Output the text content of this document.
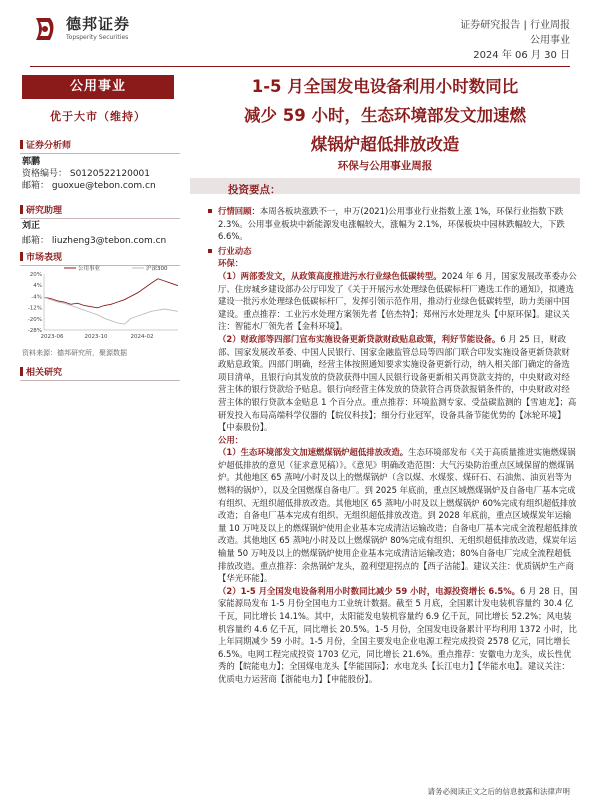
德邦证券
Topsperity Securities
证券研究报告 | 行业周报
公用事业
2024 年 06 月 30 日
公用事业
优于大市（维持）
证券分析师
郭鹏
资格编号： S0120522120001
邮箱： guoxue@tebon.com.cn
研究助理
刘正
邮箱： liuzheng3@tebon.com.cn
市场表现
20%
4%
-4%
-12%
-20%
-28%
2023-06	2023-10	2024-02
公用事业	沪深300
资料来源：德邦研究所，聚源数据
相关研究
1-5 月全国发电设备利用小时数同比
减少 59 小时，生态环境部发文加速燃
煤锅炉超低排放改造
环保与公用事业周报
投资要点：
行情回顾：本周各板块涨跌不一，申万(2021)公用事业行业指数上涨 1%，环保行业指数下跌 2.3%。公用事业板块中新能源发电涨幅较大，涨幅为 2.1%，环保板块中园林跌幅较大，下跌 6.6%。
行业动态
环保：
（1）两部委发文，从政策高度推进污水行业绿色低碳转型。2024 年 6 月，国家发展改革委办公厅、住房城乡建设部办公厅印发了《关于开展污水处理绿色低碳标杆厂遴选工作的通知》，拟遴选建设一批污水处理绿色低碳标杆厂，发挥引领示范作用，推动行业绿色低碳转型，助力美丽中国建设。重点推荐：工业污水处理方案领先者【倍杰特】；郑州污水处理龙头【中原环保】。建议关注：智能水厂领先者【金科环境】。
（2）财政部等四部门宣布实施设备更新贷款财政贴息政策，利好节能设备。6 月 25 日，财政部、国家发展改革委、中国人民银行、国家金融监管总局等四部门联合印发实施设备更新贷款财政贴息政策。四部门明确，经营主体按照通知要求实施设备更新行动，纳入相关部门确定的备选项目清单，且银行向其发放的贷款获得中国人民银行设备更新相关再贷款支持的，中央财政对经营主体的银行贷款给予贴息。银行向经营主体发放的贷款符合再贷款报销条件的，中央财政对经营主体的银行贷款本金贴息 1 个百分点。重点推荐：环境监测专家、受益碳监测的【雪迪龙】；高研发投入布局高端科学仪器的【皖仪科技】；细分行业冠军，设备具备节能优势的【冰轮环境】【中泰股份】。
公用：
（1）生态环境部发文加速燃煤锅炉超低排放改造。生态环境部发布《关于高质量推进实施燃煤锅炉超低排放的意见（征求意见稿）》。《意见》明确改造范围：大气污染防治重点区域保留的燃煤锅炉。其他地区 65 蒸吨/小时及以上的燃煤锅炉（含以煤、水煤浆、煤矸石、石油焦、油页岩等为燃料的锅炉），以及全国燃煤自备电厂。到 2025 年底前，重点区域燃煤锅炉及自备电厂基本完成有组织、无组织超低排放改造。其他地区 65 蒸吨/小时及以上燃煤锅炉 60%完成有组织超低排放改造；自备电厂基本完成有组织、无组织超低排放改造。到 2028 年底前，重点区域煤炭年运输量 10 万吨及以上的燃煤锅炉使用企业基本完成清洁运输改造；自备电厂基本完成全流程超低排放改造。其他地区 65 蒸吨/小时及以上燃煤锅炉 80%完成有组织、无组织超低排放改造，煤炭年运输量 50 万吨及以上的燃煤锅炉使用企业基本完成清洁运输改造；80%自备电厂完成全流程超低排放改造。重点推荐：余热锅炉龙头，盈利望迎拐点的【西子洁能】。建议关注：优质锅炉生产商【华光环能】。
（2）1-5 月全国发电设备利用小时数同比减少 59 小时，电源投资增长 6.5%。6 月 28 日，国家能源局发布 1-5 月份全国电力工业统计数据。截至 5 月底，全国累计发电装机容量约 30.4 亿千瓦，同比增长 14.1%。其中，太阳能发电装机容量约 6.9 亿千瓦，同比增长 52.2%；风电装机容量约 4.6 亿千瓦，同比增长 20.5%。1-5 月份，全国发电设备累计平均利用 1372 小时，比上年同期减少 59 小时。1-5 月份，全国主要发电企业电源工程完成投资 2578 亿元，同比增长 6.5%。电网工程完成投资 1703 亿元，同比增长 21.6%。重点推荐：安徽电力龙头，成长性优秀的【皖能电力】；全国煤电龙头【华能国际】；水电龙头【长江电力】【华能水电】。建议关注：优质电力运营商【浙能电力】【申能股份】。
请务必阅读正文之后的信息披露和法律声明
